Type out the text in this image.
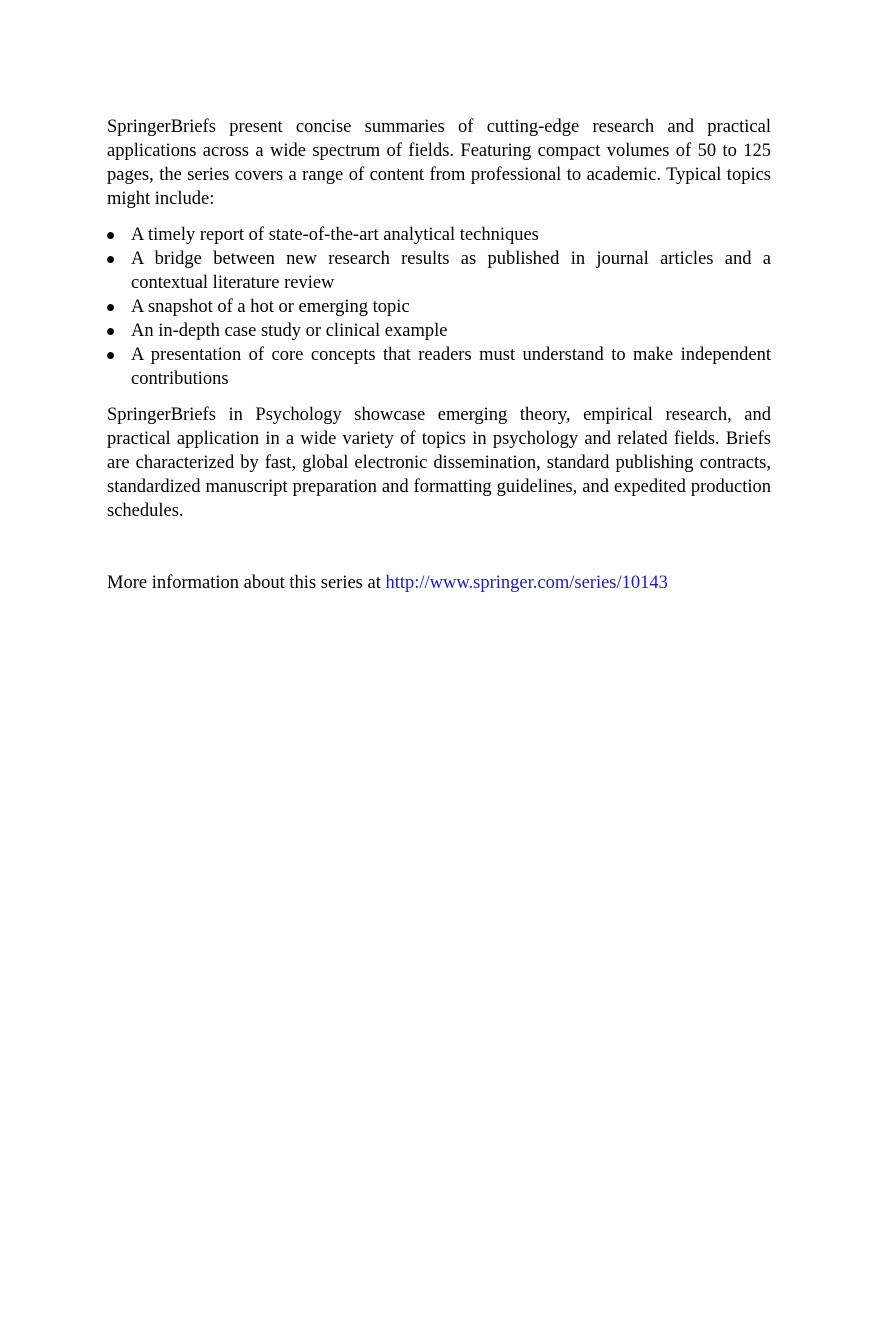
SpringerBriefs present concise summaries of cutting-edge research and practical applications across a wide spectrum of fields. Featuring compact volumes of 50 to 125 pages, the series covers a range of content from professional to academic. Typical topics might include:

A timely report of state-of-the-art analytical techniques
A bridge between new research results as published in journal articles and a contextual literature review
A snapshot of a hot or emerging topic
An in-depth case study or clinical example
A presentation of core concepts that readers must understand to make independent contributions

SpringerBriefs in Psychology showcase emerging theory, empirical research, and practical application in a wide variety of topics in psychology and related fields. Briefs are characterized by fast, global electronic dissemination, standard publishing contracts, standardized manuscript preparation and formatting guidelines, and expedited production schedules.

More information about this series at http://www.springer.com/series/10143
